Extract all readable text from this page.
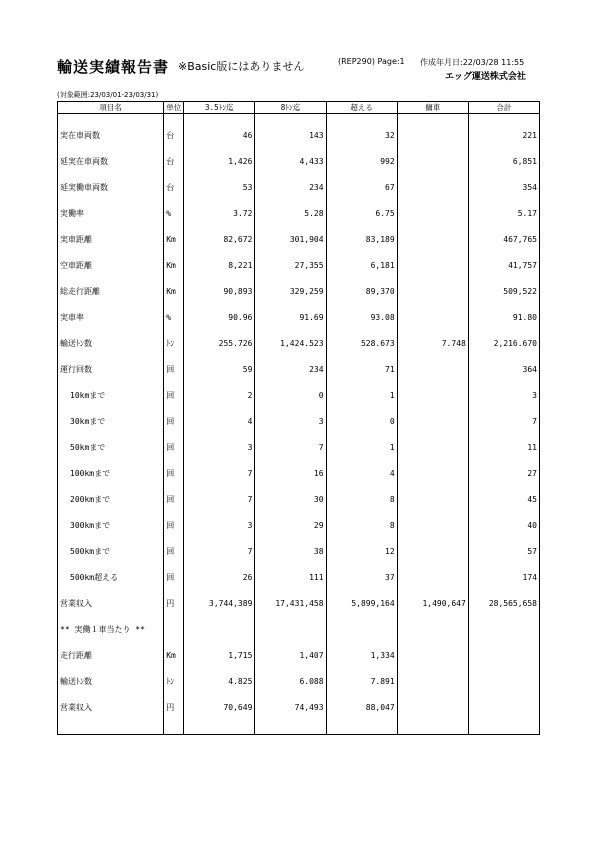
輸送実績報告書 ※Basic版にはありません	(REP290) Page:1 作成年月日:22/03/28 11:55
エッグ運送株式会社
(対象範囲:23/03/01-23/03/31)
項目名	単位	3.5ﾄﾝ迄	8ﾄﾝ迄	超える	傭車	合計

実在車両数	台	46	143	32		221
延実在車両数	台	1,426	4,433	992		6,851
延実働車両数	台	53	234	67		354
実働率	%	3.72	5.28	6.75		5.17
実車距離	Km	82,672	301,904	83,189		467,765
空車距離	Km	8,221	27,355	6,181		41,757
総走行距離	Km	90,893	329,259	89,370		509,522
実車率	%	90.96	91.69	93.08		91.80
輸送ﾄﾝ数	ﾄﾝ	255.726	1,424.523	528.673	7.748	2,216.670
運行回数	回	59	234	71		364
10kmまで	回	2	0	1		3
30kmまで	回	4	3	0		7
50kmまで	回	3	7	1		11
100kmまで	回	7	16	4		27
200kmまで	回	7	30	8		45
300kmまで	回	3	29	8		40
500kmまで	回	7	38	12		57
500km超える	回	26	111	37		174
営業収入	円	3,744,389	17,431,458	5,899,164	1,490,647	28,565,658
** 実働１車当たり **						
走行距離	Km	1,715	1,407	1,334		
輸送ﾄﾝ数	ﾄﾝ	4.825	6.088	7.891		
営業収入	円	70,649	74,493	88,047		
